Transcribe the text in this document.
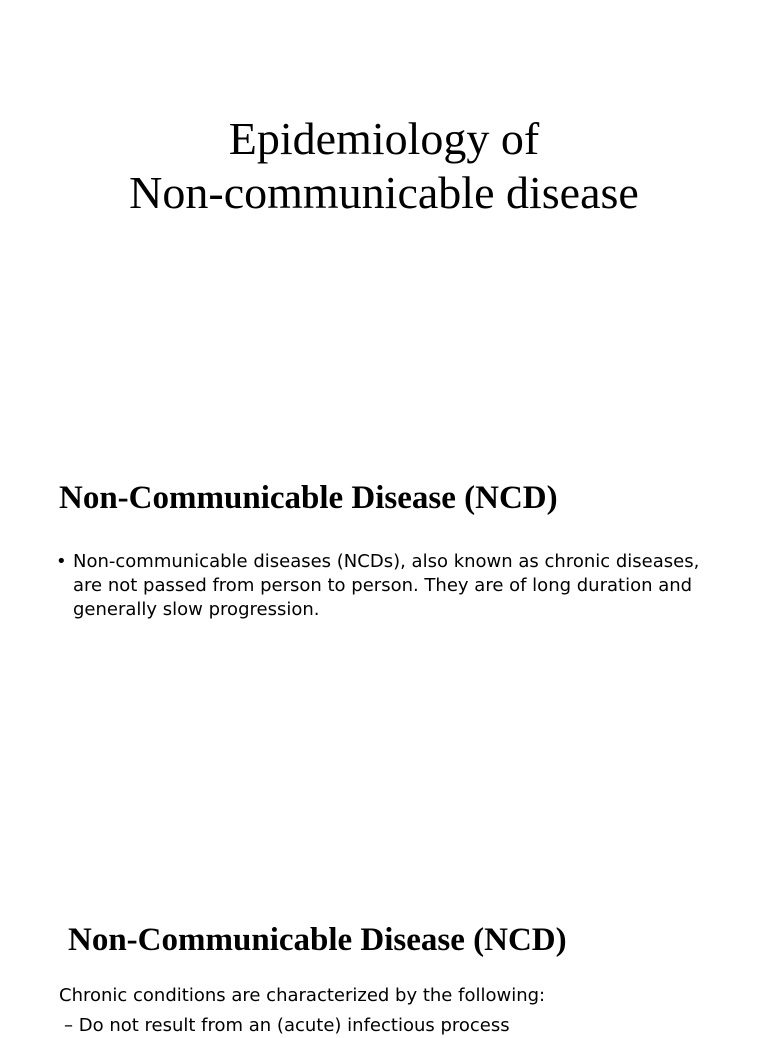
Epidemiology of
Non-communicable disease
Non-Communicable Disease (NCD)
• Non-communicable diseases (NCDs), also known as chronic diseases, are not passed from person to person. They are of long duration and generally slow progression.
Non-Communicable Disease (NCD)
Chronic conditions are characterized by the following:
– Do not result from an (acute) infectious process
